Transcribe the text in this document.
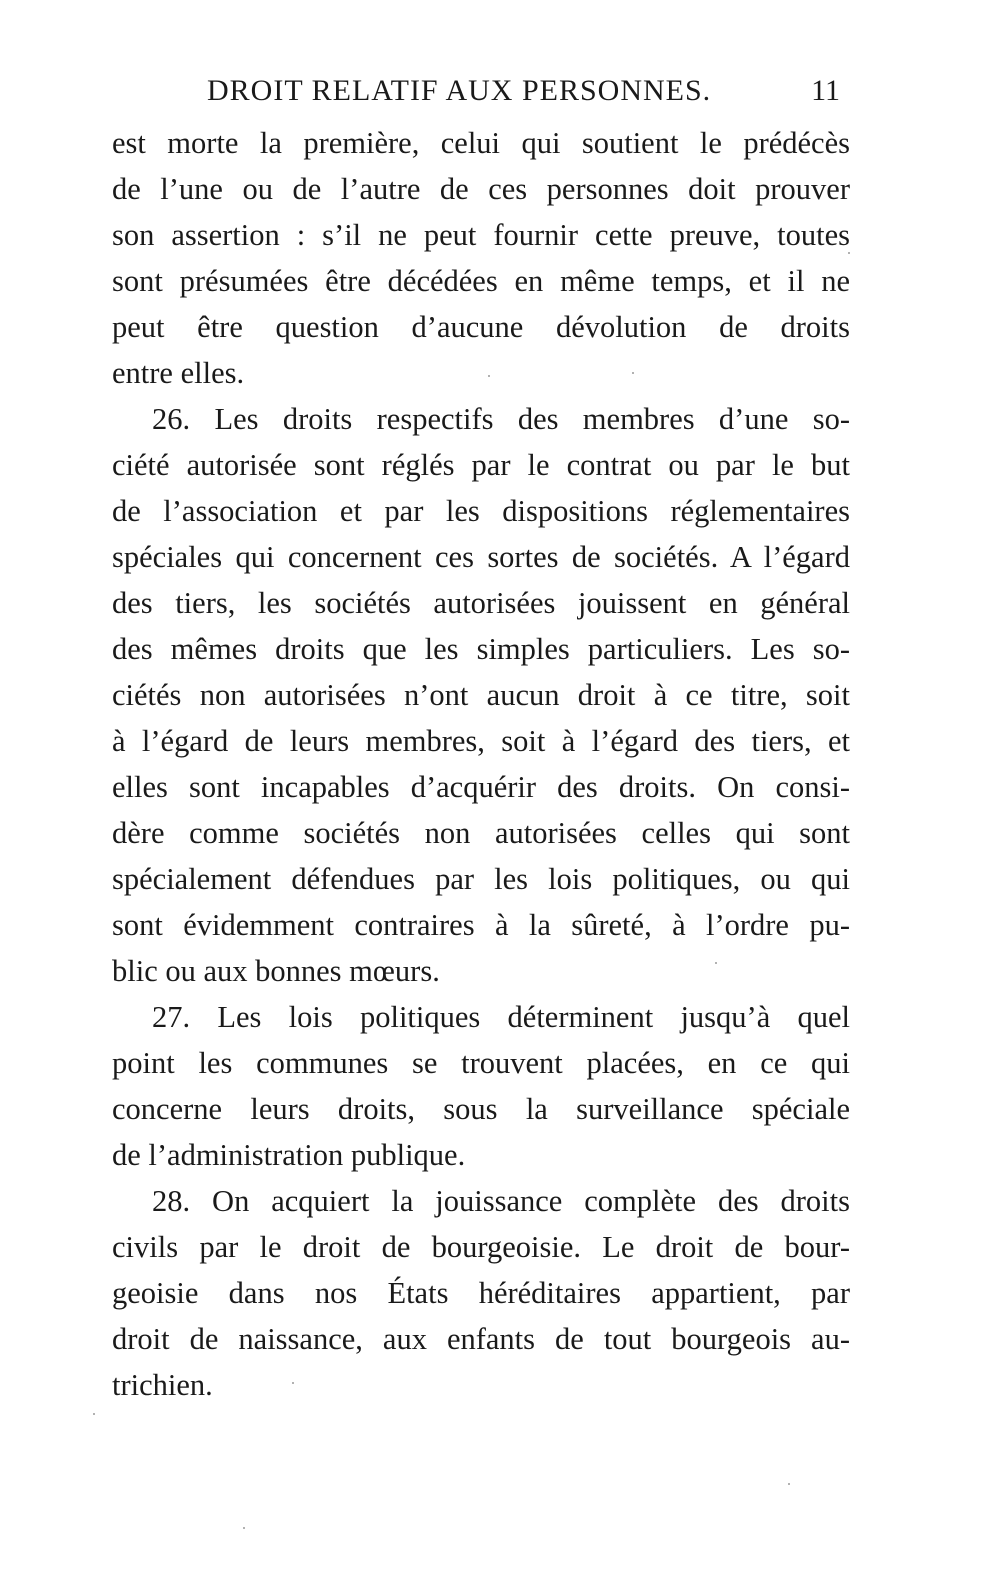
DROIT RELATIF AUX PERSONNES.	11
est morte la première, celui qui soutient le prédécès
de l’une ou de l’autre de ces personnes doit prouver
son assertion : s’il ne peut fournir cette preuve, toutes
sont présumées être décédées en même temps, et il ne
peut être question d’aucune dévolution de droits
entre elles.
26. Les droits respectifs des membres d’une so-
ciété autorisée sont réglés par le contrat ou par le but
de l’association et par les dispositions réglementaires
spéciales qui concernent ces sortes de sociétés. A l’égard
des tiers, les sociétés autorisées jouissent en général
des mêmes droits que les simples particuliers. Les so-
ciétés non autorisées n’ont aucun droit à ce titre, soit
à l’égard de leurs membres, soit à l’égard des tiers, et
elles sont incapables d’acquérir des droits. On consi-
dère comme sociétés non autorisées celles qui sont
spécialement défendues par les lois politiques, ou qui
sont évidemment contraires à la sûreté, à l’ordre pu-
blic ou aux bonnes mœurs.
27. Les lois politiques déterminent jusqu’à quel
point les communes se trouvent placées, en ce qui
concerne leurs droits, sous la surveillance spéciale
de l’administration publique.
28. On acquiert la jouissance complète des droits
civils par le droit de bourgeoisie. Le droit de bour-
geoisie dans nos États héréditaires appartient, par
droit de naissance, aux enfants de tout bourgeois au-
trichien.
